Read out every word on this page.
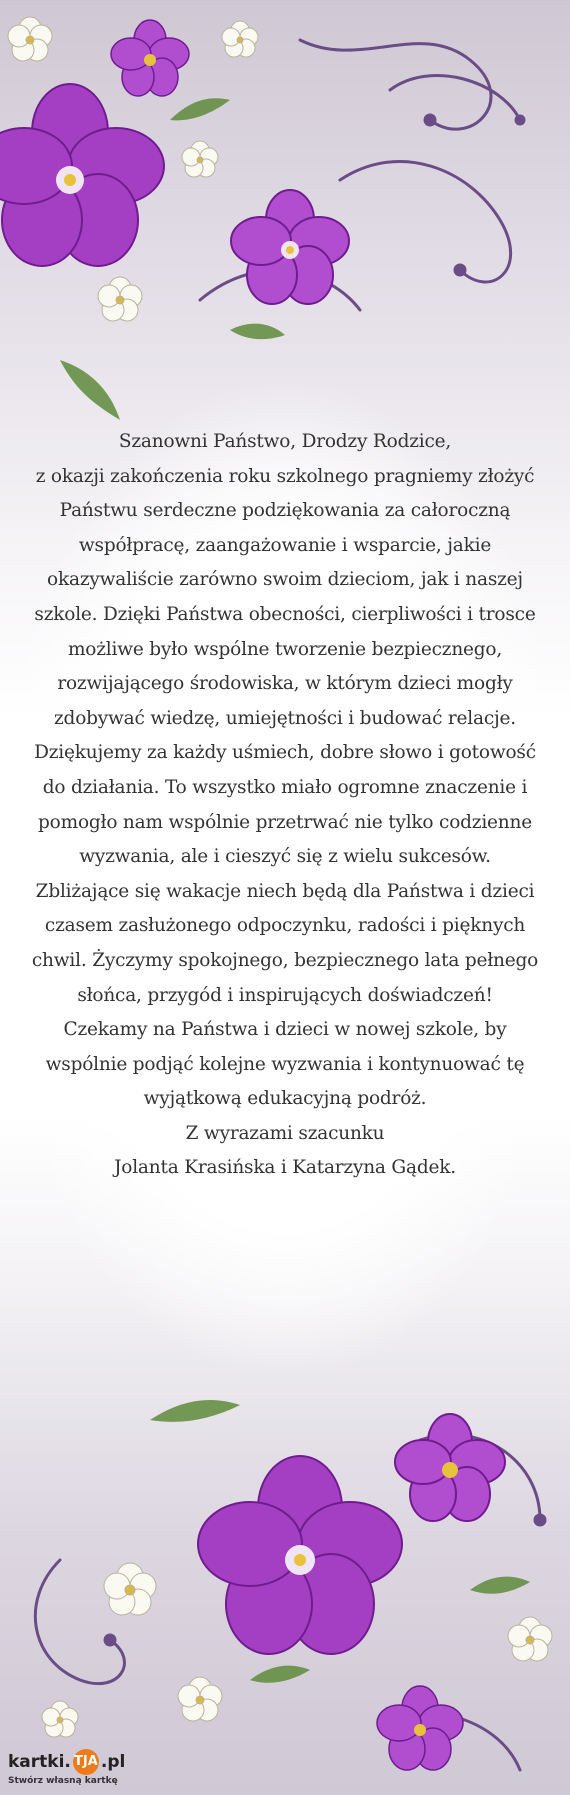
Szanowni Państwo, Drodzy Rodzice,

z okazji zakończenia roku szkolnego pragniemy złożyć Państwu serdeczne podziękowania za całoroczną współpracę, zaangażowanie i wsparcie, jakie okazywaliście zarówno swoim dzieciom, jak i naszej szkole. Dzięki Państwa obecności, cierpliwości i trosce możliwe było wspólne tworzenie bezpiecznego, rozwijającego środowiska, w którym dzieci mogły zdobywać wiedzę, umiejętności i budować relacje.

Dziękujemy za każdy uśmiech, dobre słowo i gotowość do działania. To wszystko miało ogromne znaczenie i pomogło nam wspólnie przetrwać nie tylko codzienne wyzwania, ale i cieszyć się z wielu sukcesów.

Zbliżające się wakacje niech będą dla Państwa i dzieci czasem zasłużonego odpoczynku, radości i pięknych chwil. Życzymy spokojnego, bezpiecznego lata pełnego słońca, przygód i inspirujących doświadczeń!

Czekamy na Państwa i dzieci w nowej szkole, by wspólnie podjąć kolejne wyzwania i kontynuować tę wyjątkową edukacyjną podróż.

Z wyrazami szacunku

Jolanta Krasińska i Katarzyna Gądek.

kartki. TJA .pl
Stwórz własną kartkę
